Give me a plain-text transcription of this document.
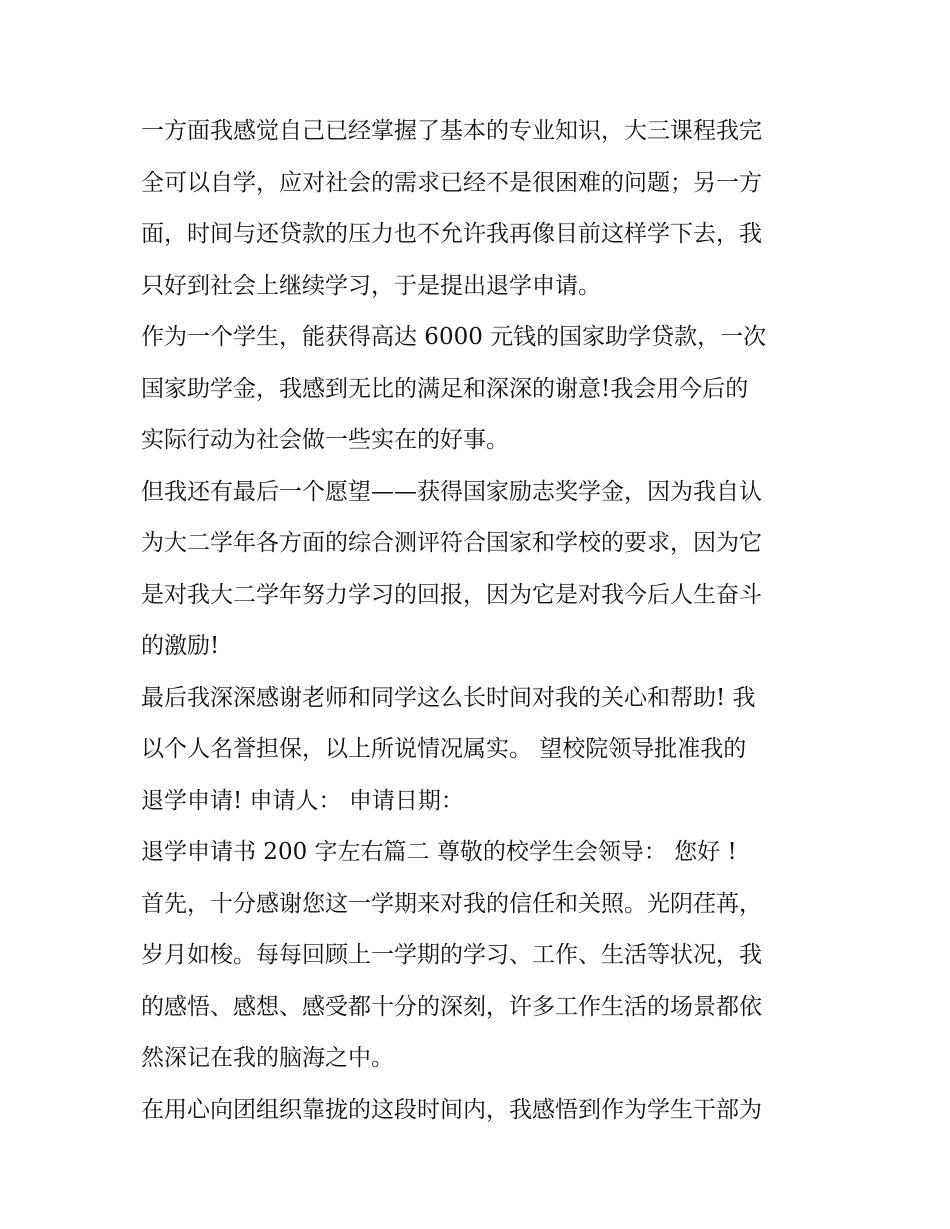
一方面我感觉自己已经掌握了基本的专业知识，大三课程我完
全可以自学，应对社会的需求已经不是很困难的问题；另一方
面，时间与还贷款的压力也不允许我再像目前这样学下去，我
只好到社会上继续学习，于是提出退学申请。
作为一个学生，能获得高达 6000 元钱的国家助学贷款，一次
国家助学金，我感到无比的满足和深深的谢意!我会用今后的
实际行动为社会做一些实在的好事。
但我还有最后一个愿望——获得国家励志奖学金，因为我自认
为大二学年各方面的综合测评符合国家和学校的要求，因为它
是对我大二学年努力学习的回报，因为它是对我今后人生奋斗
的激励!
最后我深深感谢老师和同学这么长时间对我的关心和帮助! 我
以个人名誉担保，以上所说情况属实。 望校院领导批准我的
退学申请! 申请人： 申请日期：
退学申请书 200 字左右篇二 尊敬的校学生会领导： 您好 !
首先，十分感谢您这一学期来对我的信任和关照。光阴荏苒，
岁月如梭。每每回顾上一学期的学习、工作、生活等状况，我
的感悟、感想、感受都十分的深刻，许多工作生活的场景都依
然深记在我的脑海之中。
在用心向团组织靠拢的这段时间内，我感悟到作为学生干部为
